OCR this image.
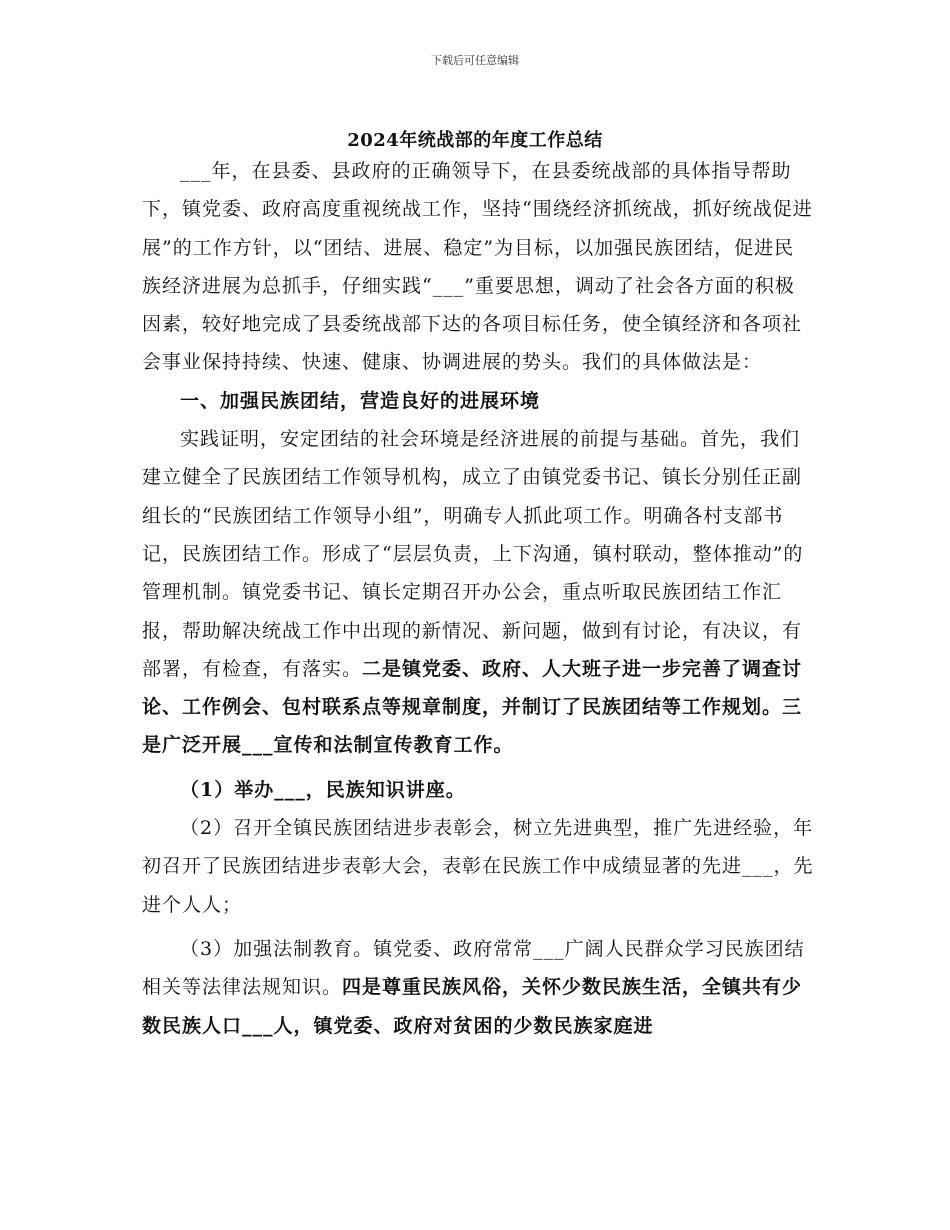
下载后可任意编辑
2024年统战部的年度工作总结

___年，在县委、县政府的正确领导下，在县委统战部的具体指导帮助下，镇党委、政府高度重视统战工作，坚持“围绕经济抓统战，抓好统战促进展”的工作方针，以“团结、进展、稳定”为目标，以加强民族团结，促进民族经济进展为总抓手，仔细实践“___”重要思想，调动了社会各方面的积极因素，较好地完成了县委统战部下达的各项目标任务，使全镇经济和各项社会事业保持持续、快速、健康、协调进展的势头。我们的具体做法是：

一、加强民族团结，营造良好的进展环境

实践证明，安定团结的社会环境是经济进展的前提与基础。首先，我们建立健全了民族团结工作领导机构，成立了由镇党委书记、镇长分别任正副组长的“民族团结工作领导小组”，明确专人抓此项工作。明确各村支部书记，民族团结工作。形成了“层层负责，上下沟通，镇村联动，整体推动”的管理机制。镇党委书记、镇长定期召开办公会，重点听取民族团结工作汇报，帮助解决统战工作中出现的新情况、新问题，做到有讨论，有决议，有部署，有检查，有落实。二是镇党委、政府、人大班子进一步完善了调查讨论、工作例会、包村联系点等规章制度，并制订了民族团结等工作规划。三是广泛开展___宣传和法制宣传教育工作。

（1）举办___，民族知识讲座。

（2）召开全镇民族团结进步表彰会，树立先进典型，推广先进经验，年初召开了民族团结进步表彰大会，表彰在民族工作中成绩显著的先进___，先进个人人；

（3）加强法制教育。镇党委、政府常常___广阔人民群众学习民族团结相关等法律法规知识。四是尊重民族风俗，关怀少数民族生活，全镇共有少数民族人口___人，镇党委、政府对贫困的少数民族家庭进
